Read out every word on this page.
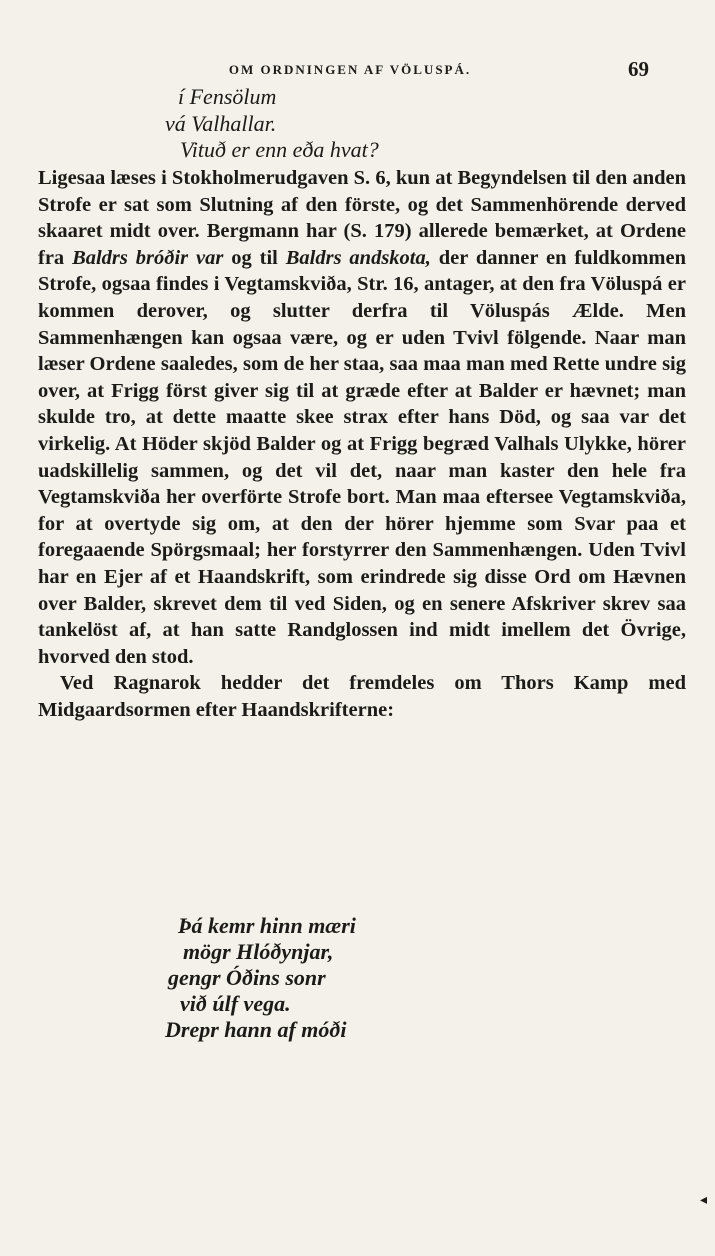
OM ORDNINGEN AF VÖLUSPÁ.	69
í Fensölum
vá Valhallar.
Vituð er enn eða hvat?

Ligesaa læses i Stokholmerudgaven S. 6, kun at Begyndelsen til den anden Strofe er sat som Slutning af den förste, og det Sammenhörende derved skaaret midt over. Bergmann har (S. 179) allerede bemærket, at Ordene fra Baldrs bróðir var og til Baldrs andskota, der danner en fuldkommen Strofe, ogsaa findes i Vegtamskviða, Str. 16, antager, at den fra Völuspá er kommen derover, og slutter derfra til Völuspás Ælde. Men Sammenhængen kan ogsaa være, og er uden Tvivl fölgende. Naar man læser Ordene saaledes, som de her staa, saa maa man med Rette undre sig over, at Frigg först giver sig til at græde efter at Balder er hævnet; man skulde tro, at dette maatte skee strax efter hans Död, og saa var det virkelig. At Höder skjöd Balder og at Frigg begræd Valhals Ulykke, hörer uadskillelig sammen, og det vil det, naar man kaster den hele fra Vegtamskviða her overförte Strofe bort. Man maa eftersee Vegtamskviða, for at overtyde sig om, at den der hörer hjemme som Svar paa et foregaaende Spörgsmaal; her forstyrrer den Sammenhængen. Uden Tvivl har en Ejer af et Haandskrift, som erindrede sig disse Ord om Hævnen over Balder, skrevet dem til ved Siden, og en senere Afskriver skrev saa tankelöst af, at han satte Randglossen ind midt imellem det Övrige, hvorved den stod.

Ved Ragnarok hedder det fremdeles om Thors Kamp med Midgaardsormen efter Haandskrifterne:

Þá kemr hinn mæri
mögr Hlóðynjar,
gengr Óðins sonr
við úlf vega.
Drepr hann af móði
◂
